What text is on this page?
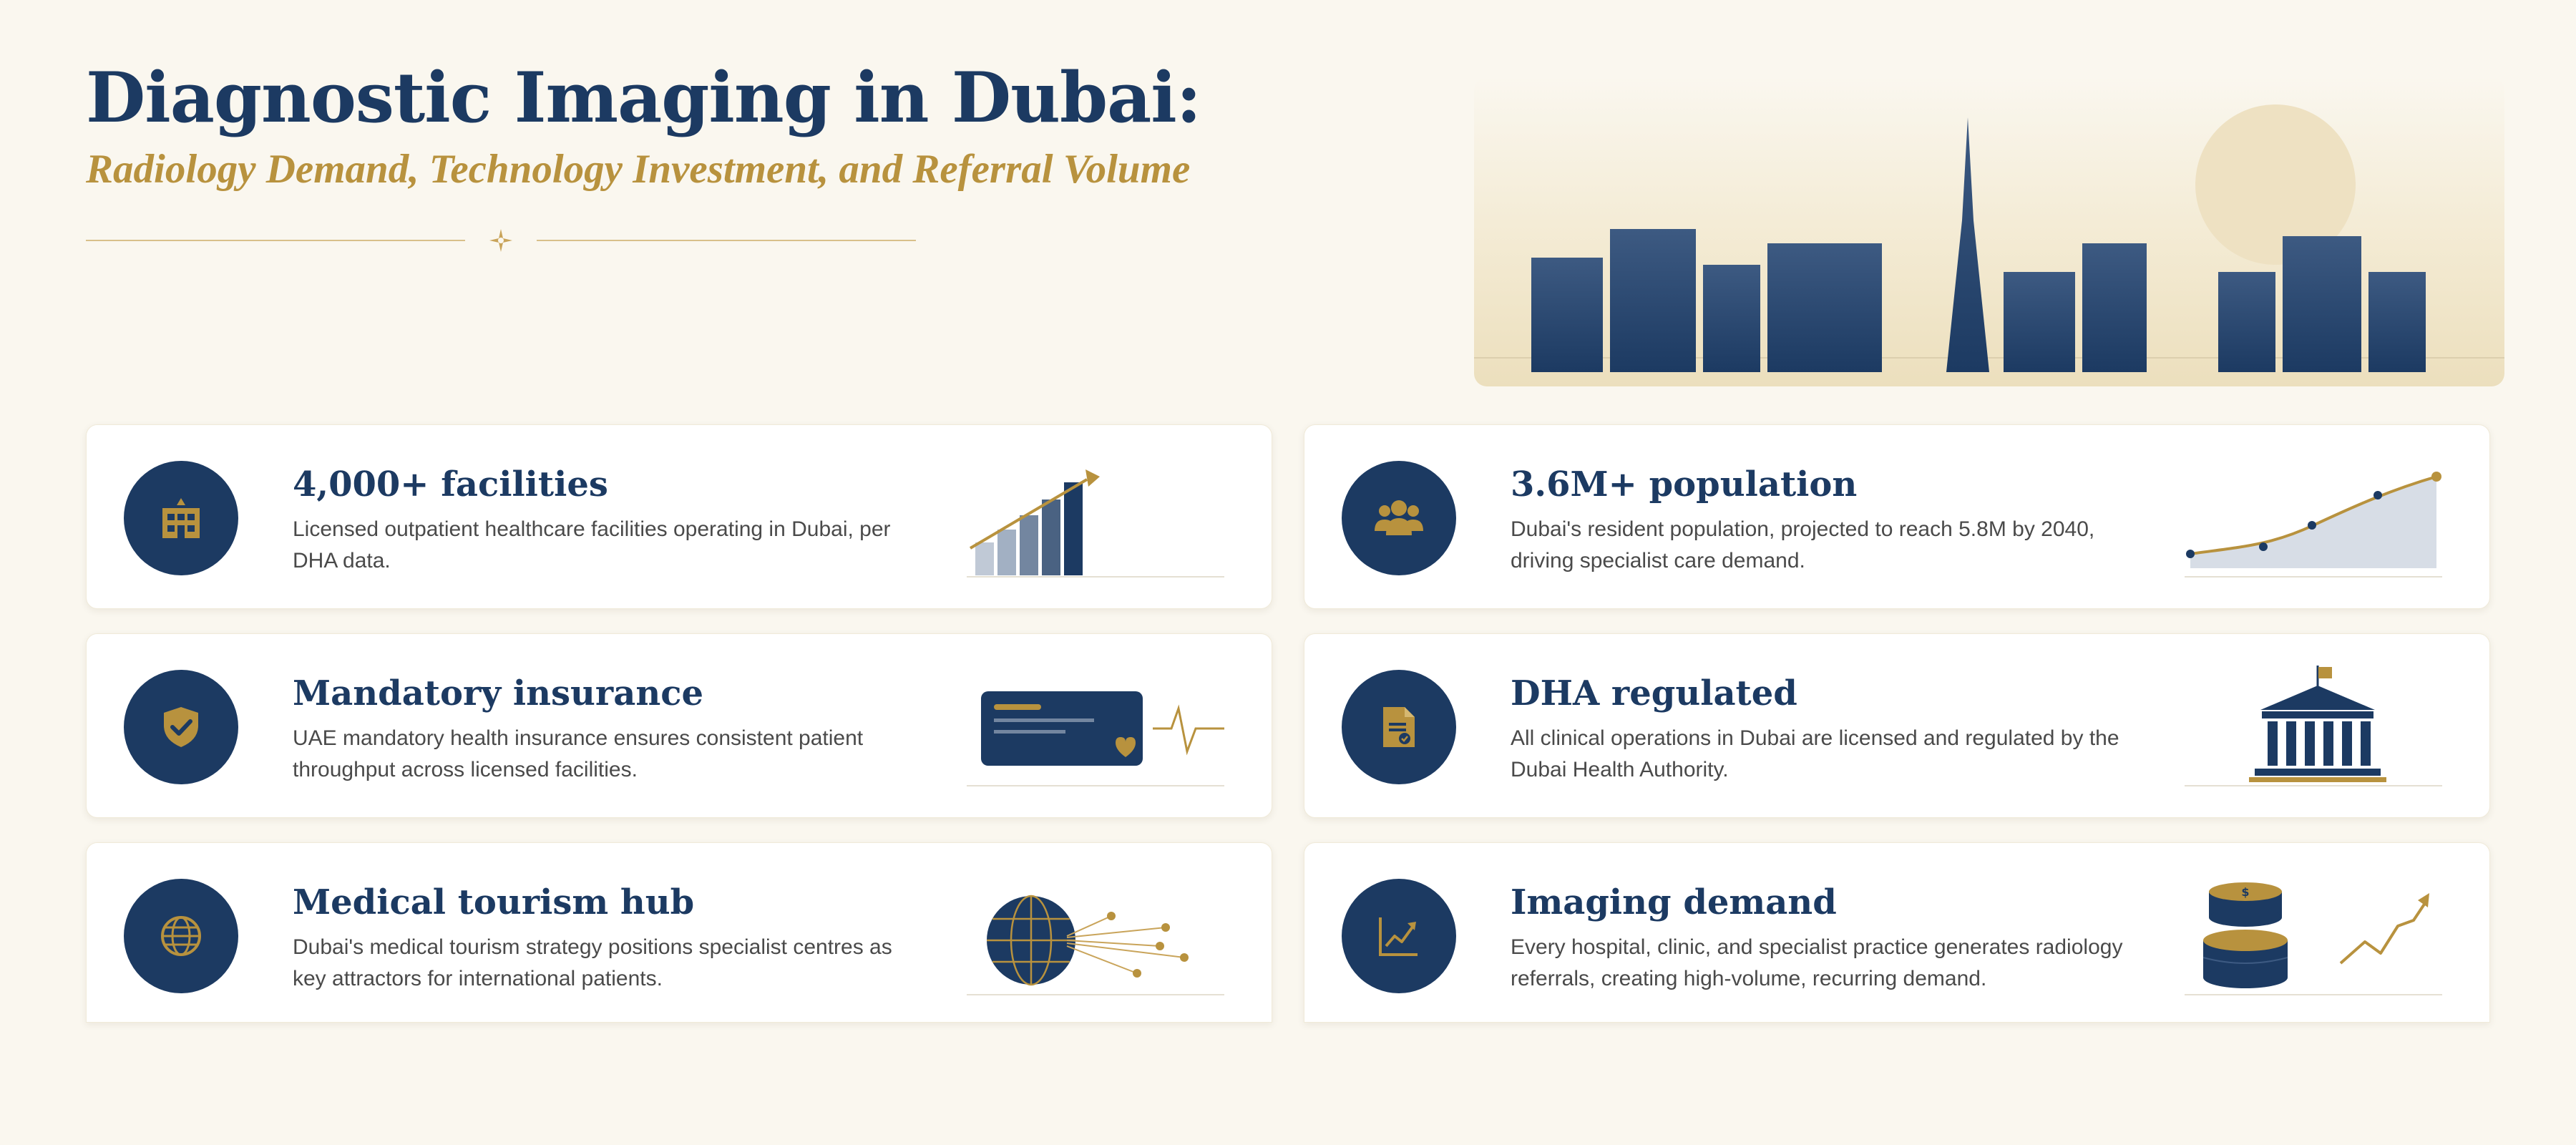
Diagnostic Imaging in Dubai:
Radiology Demand, Technology Investment, and Referral Volume
4,000+ facilities

Licensed outpatient healthcare facilities operating in Dubai, per DHA data.

3.6M+ population

Dubai's resident population, projected to reach 5.8M by 2040, driving specialist care demand.

Mandatory insurance

UAE mandatory health insurance ensures consistent patient throughput across licensed facilities.

DHA regulated

All clinical operations in Dubai are licensed and regulated by the Dubai Health Authority.

Medical tourism hub

Dubai's medical tourism strategy positions specialist centres as key attractors for international patients.

Imaging demand

Every hospital, clinic, and specialist practice generates radiology referrals, creating high-volume, recurring demand.

$
